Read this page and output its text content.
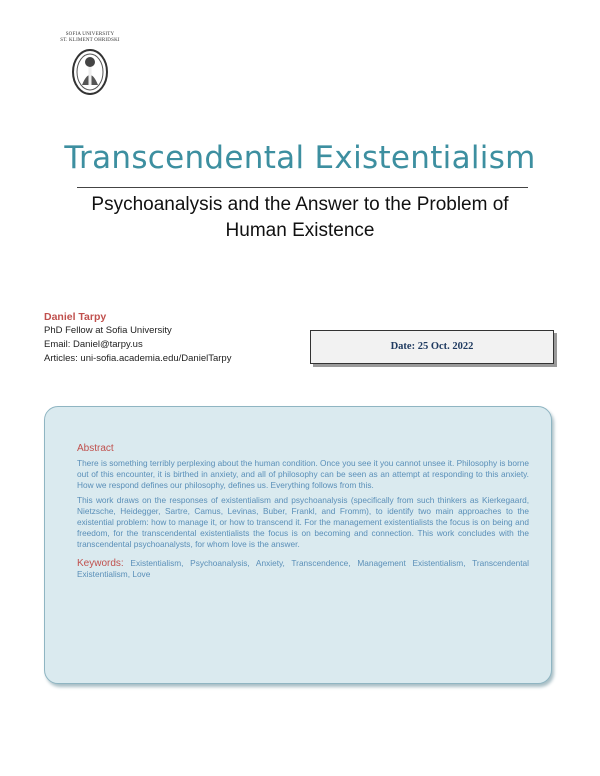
SOFIA UNIVERSITY
ST. KLIMENT OHRIDSKI
Transcendental Existentialism
Psychoanalysis and the Answer to the Problem of
Human Existence
Daniel Tarpy
PhD Fellow at Sofia University
Email: Daniel@tarpy.us
Articles: uni-sofia.academia.edu/DanielTarpy
Date: 25 Oct. 2022
Abstract

There is something terribly perplexing about the human condition. Once you see it you cannot unsee it. Philosophy is borne out of this encounter, it is birthed in anxiety, and all of philosophy can be seen as an attempt at responding to this anxiety. How we respond defines our philosophy, defines us. Everything follows from this.

This work draws on the responses of existentialism and psychoanalysis (specifically from such thinkers as Kierkegaard, Nietzsche, Heidegger, Sartre, Camus, Levinas, Buber, Frankl, and Fromm), to identify two main approaches to the existential problem: how to manage it, or how to transcend it. For the management existentialists the focus is on being and freedom, for the transcendental existentialists the focus is on becoming and connection. This work concludes with the transcendental psychoanalysts, for whom love is the answer.

Keywords: Existentialism, Psychoanalysis, Anxiety, Transcendence, Management Existentialism, Transcendental Existentialism, Love
